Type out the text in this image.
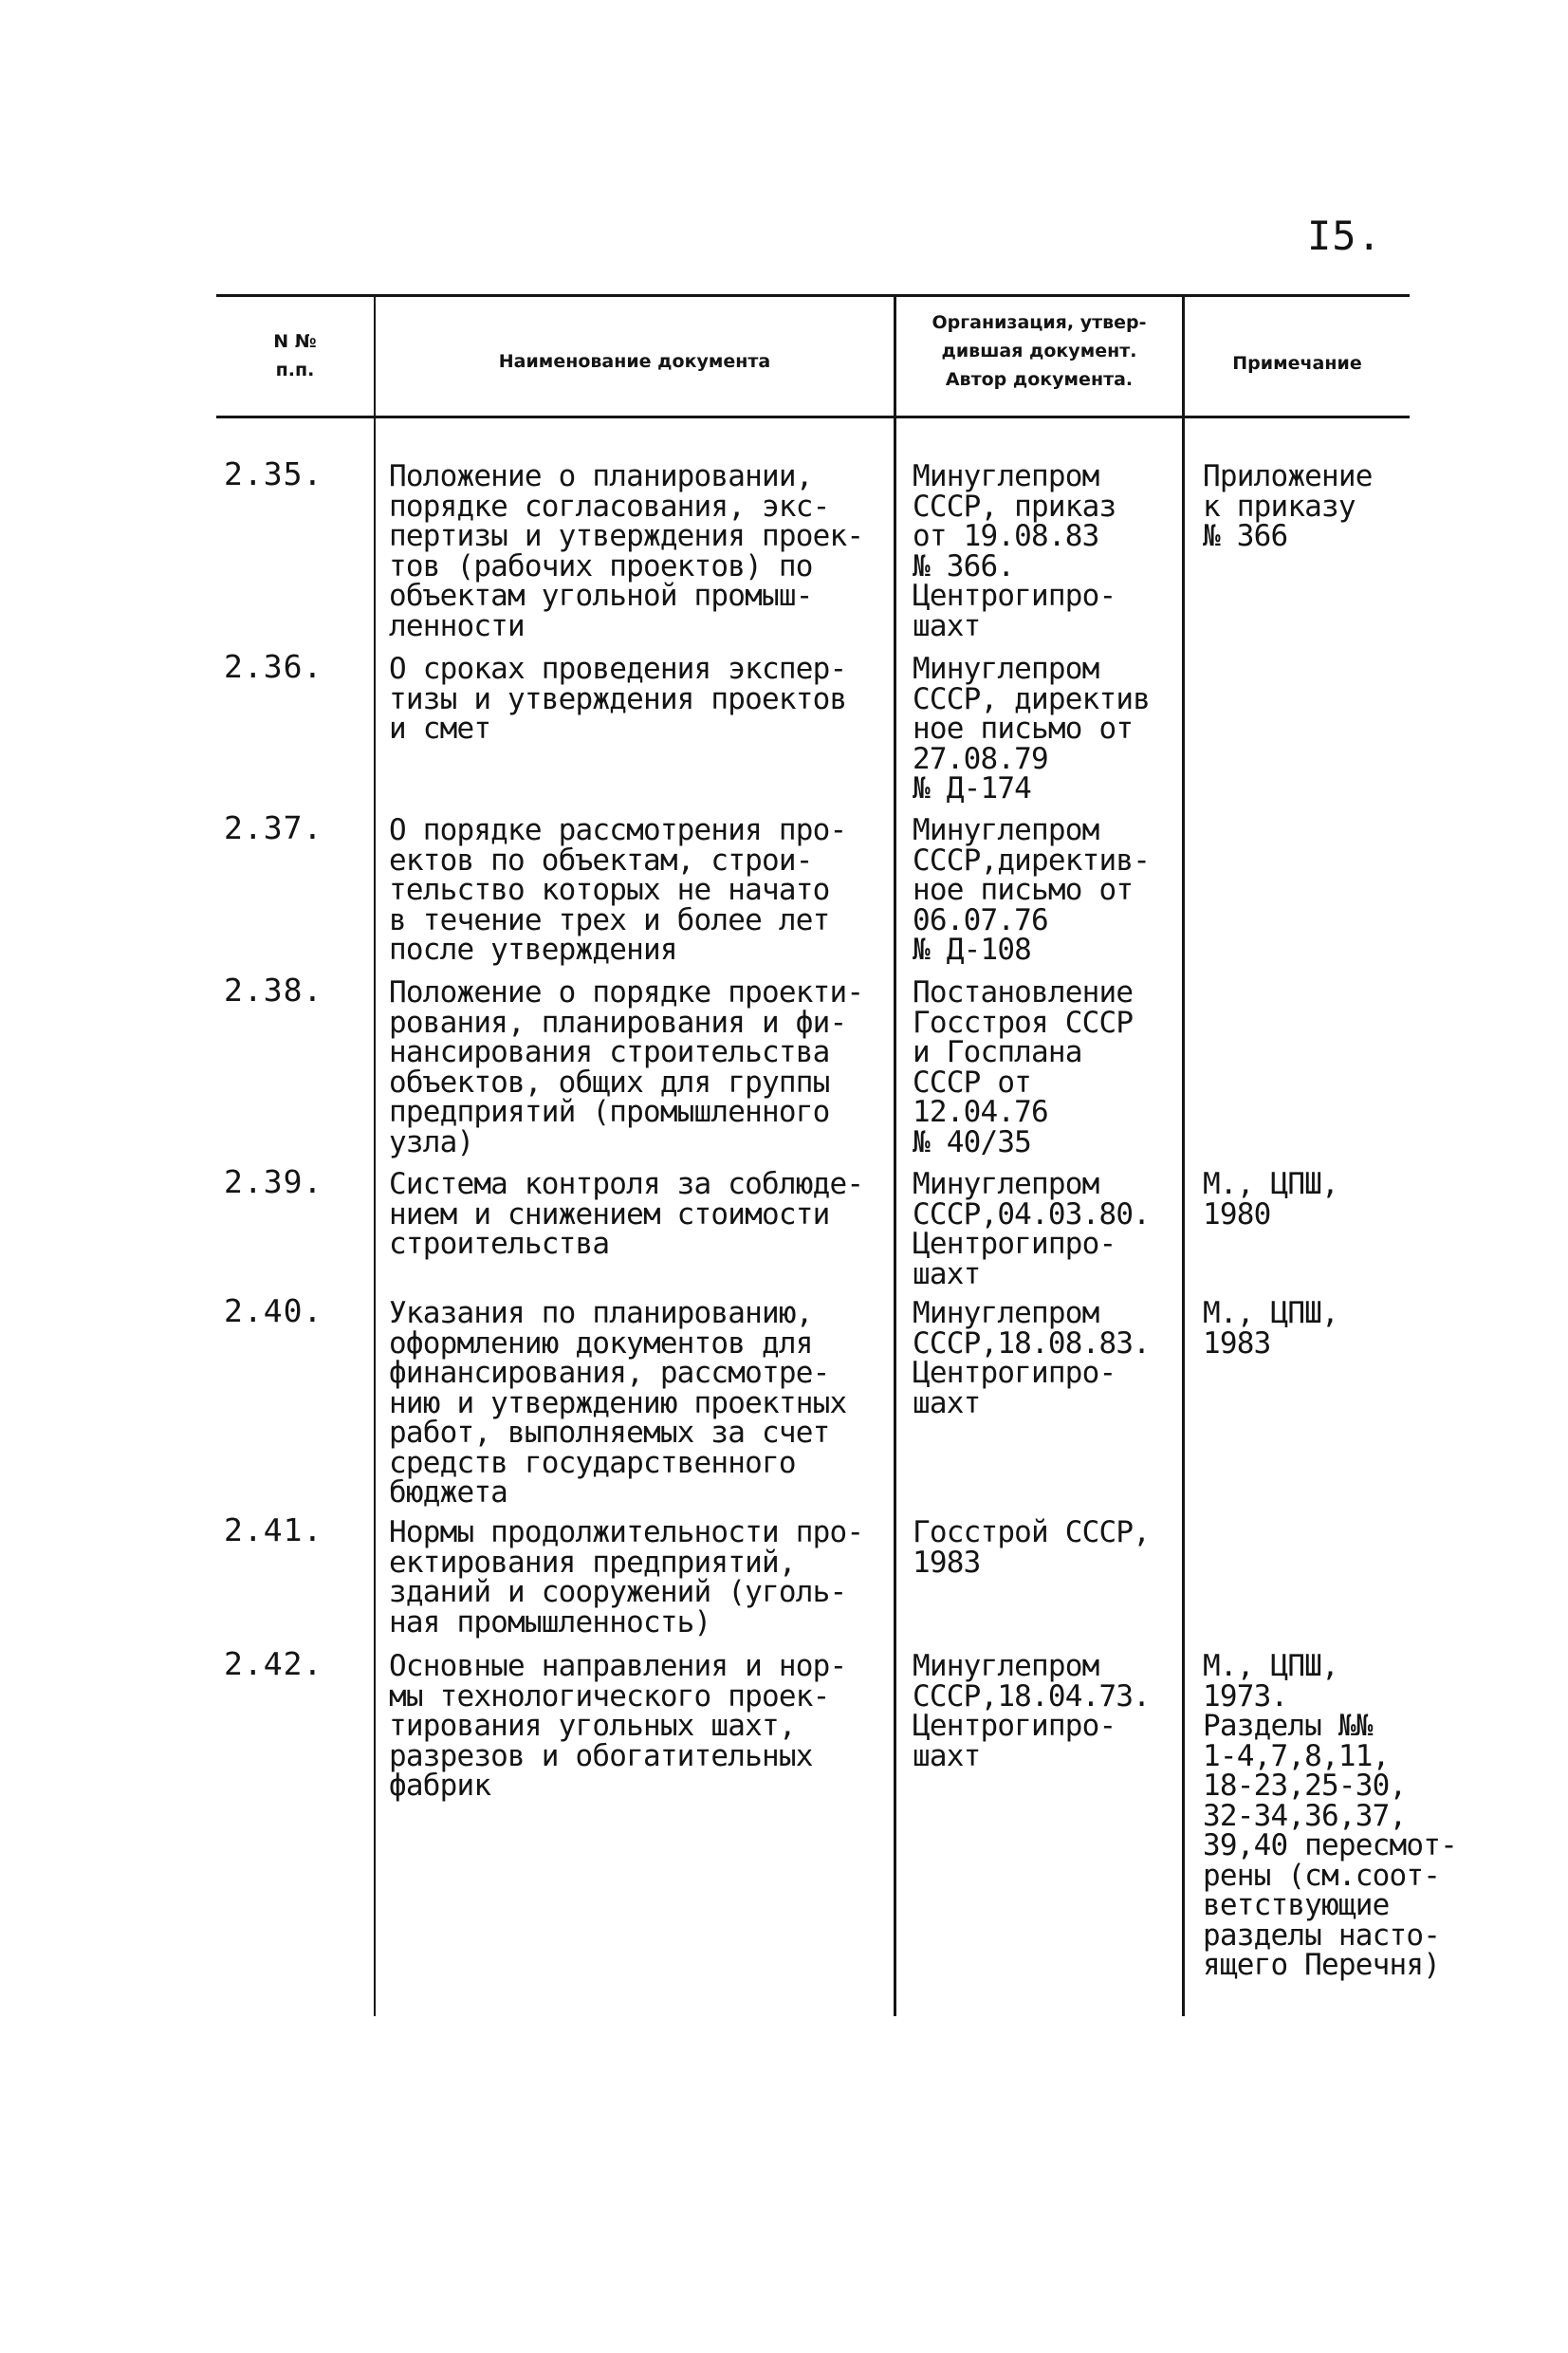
I5.
N №
п.п.	Наименование документа
Организация, утвер-
дившая документ.
Автор документа.
Примечание
2.35. Положение о планировании,
порядке согласования, экс-
пертизы и утверждения проек-
тов (рабочих проектов) по
объектам угольной промыш-
ленности
Минуглепром
СССР, приказ
от 19.08.83
№ 366.
Центрогипро-
шахт
Приложение
к приказу
№ 366
2.36. О сроках проведения экспер-
тизы и утверждения проектов
и смет
Минуглепром
СССР, директив
ное письмо от
27.08.79
№ Д-174
2.37. О порядке рассмотрения про-
ектов по объектам, строи-
тельство которых не начато
в течение трех и более лет
после утверждения
Минуглепром
СССР,директив-
ное письмо от
06.07.76
№ Д-108
2.38. Положение о порядке проекти-
рования, планирования и фи-
нансирования строительства
объектов, общих для группы
предприятий (промышленного
узла)
Постановление
Госстроя СССР
и Госплана
СССР от
12.04.76
№ 40/35
2.39. Система контроля за соблюде-
нием и снижением стоимости
строительства
Минуглепром
СССР,04.03.80.
Центрогипро-
шахт
М., ЦПШ,
1980
2.40. Указания по планированию,
оформлению документов для
финансирования, рассмотре-
нию и утверждению проектных
работ, выполняемых за счет
средств государственного
бюджета
Минуглепром
СССР,18.08.83.
Центрогипро-
шахт
М., ЦПШ,
1983
2.41. Нормы продолжительности про-
ектирования предприятий,
зданий и сооружений (уголь-
ная промышленность)
Госстрой СССР,
1983
2.42. Основные направления и нор-
мы технологического проек-
тирования угольных шахт,
разрезов и обогатительных
фабрик
Минуглепром
СССР,18.04.73.
Центрогипро-
шахт
М., ЦПШ,
1973.
Разделы №№
1-4,7,8,11,
18-23,25-30,
32-34,36,37,
39,40 пересмот-
рены (см.соот-
ветствующие
разделы насто-
ящего Перечня)
